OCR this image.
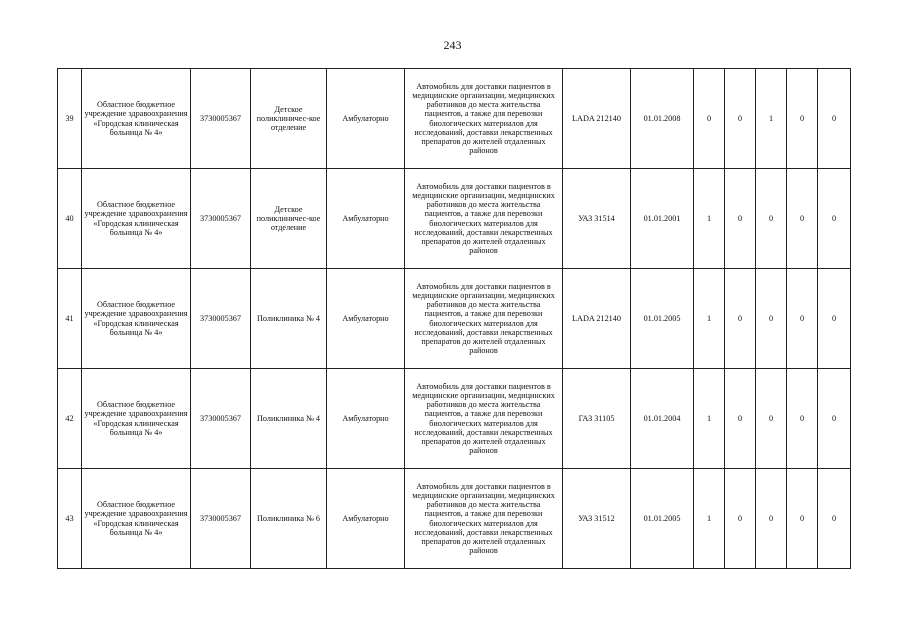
243
39	Областное бюджетное учреждение здравоохранения «Городская клиническая больница № 4»	3730005367	Детское поликлиничес-кое отделение	Амбулаторно	Автомобиль для доставки пациентов в медицинские организации, медицинских работников до места жительства пациентов, а также для перевозки биологических материалов для исследований, доставки лекарственных препаратов до жителей отдаленных районов	LADA 212140	01.01.2008	0	0	1	0	0
40	Областное бюджетное учреждение здравоохранения «Городская клиническая больница № 4»	3730005367	Детское поликлиничес-кое отделение	Амбулаторно	Автомобиль для доставки пациентов в медицинские организации, медицинских работников до места жительства пациентов, а также для перевозки биологических материалов для исследований, доставки лекарственных препаратов до жителей отдаленных районов	УАЗ 31514	01.01.2001	1	0	0	0	0
41	Областное бюджетное учреждение здравоохранения «Городская клиническая больница № 4»	3730005367	Поликлиника № 4	Амбулаторно	Автомобиль для доставки пациентов в медицинские организации, медицинских работников до места жительства пациентов, а также для перевозки биологических материалов для исследований, доставки лекарственных препаратов до жителей отдаленных районов	LADA 212140	01.01.2005	1	0	0	0	0
42	Областное бюджетное учреждение здравоохранения «Городская клиническая больница № 4»	3730005367	Поликлиника № 4	Амбулаторно	Автомобиль для доставки пациентов в медицинские организации, медицинских работников до места жительства пациентов, а также для перевозки биологических материалов для исследований, доставки лекарственных препаратов до жителей отдаленных районов	ГАЗ 31105	01.01.2004	1	0	0	0	0
43	Областное бюджетное учреждение здравоохранения «Городская клиническая больница № 4»	3730005367	Поликлиника № 6	Амбулаторно	Автомобиль для доставки пациентов в медицинские организации, медицинских работников до места жительства пациентов, а также для перевозки биологических материалов для исследований, доставки лекарственных препаратов до жителей отдаленных районов	УАЗ 31512	01.01.2005	1	0	0	0	0
